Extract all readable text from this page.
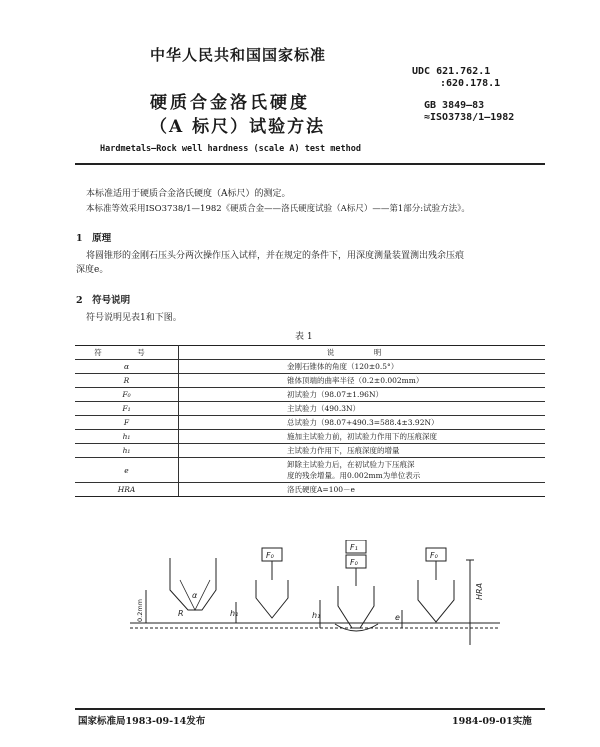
中华人民共和国国家标准
UDC 621.762.1
:620.178.1
硬质合金洛氏硬度	GB 3849—83
≈ISO3738/1—1982
（A 标尺）试验方法
Hardmetals—Rock well hardness (scale A) test method
本标准适用于硬质合金洛氏硬度（A标尺）的测定。
本标准等效采用ISO3738/1—1982《硬质合金——洛氏硬度试验（A标尺）——第1部分:试验方法》。
1　原理
将圆锥形的金刚石压头分两次操作压入试样，并在规定的条件下，用深度测量装置测出残余压痕
深度e。
2　符号说明
符号说明见表1和下图。
表 1
符　号	说　明
α	金刚石锥体的角度（120±0.5°）
R	锥体顶端的曲率半径（0.2±0.002mm）
F₀	初试验力（98.07±1.96N）
F₁	主试验力（490.3N）
F	总试验力（98.07+490.3=588.4±3.92N）
h₁	施加主试验力前，初试验力作用下的压痕深度
h₁	主试验力作用下，压痕深度的增量
e	卸除主试验力后，在初试验力下压痕深
度的残余增量。用0.002mm为单位表示

HRA	洛氏硬度A=100－e
F₀
F₁
F₀
F₀
α
R	h₁	h₁	e
HRA
0.2mm
国家标准局1983-09-14发布	1984-09-01实施
